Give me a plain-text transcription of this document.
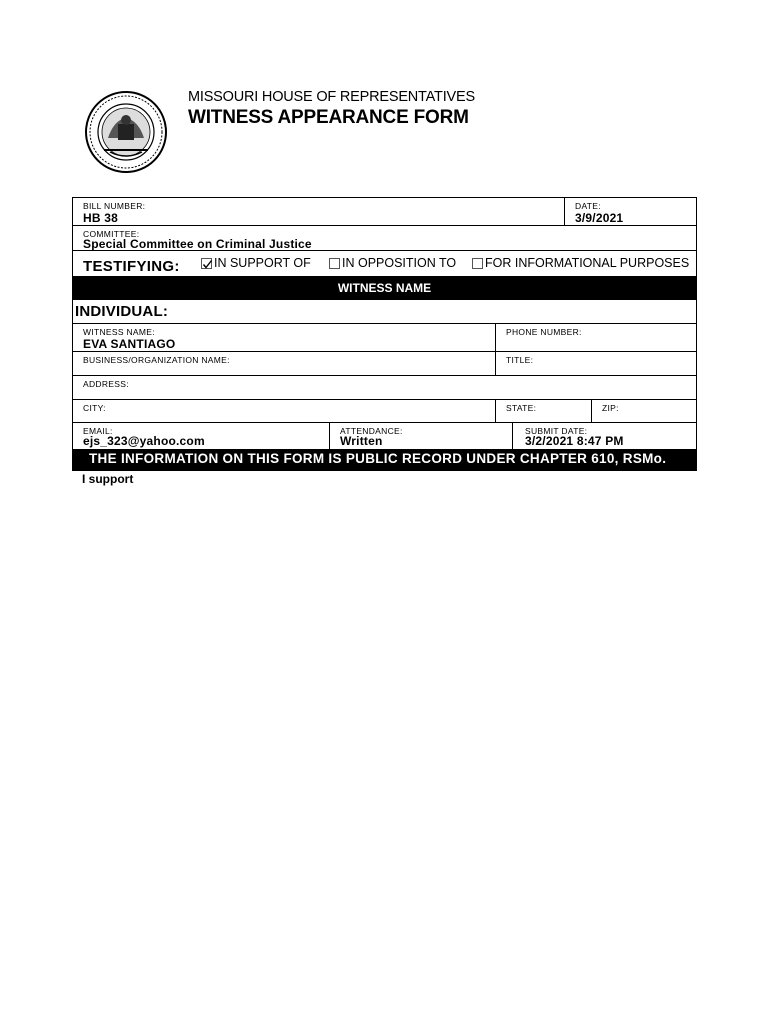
MISSOURI HOUSE OF REPRESENTATIVES
WITNESS APPEARANCE FORM
BILL NUMBER:
HB 38
DATE:
3/9/2021
COMMITTEE:
Special Committee on Criminal Justice
TESTIFYING:	IN SUPPORT OF IN OPPOSITION TO FOR INFORMATIONAL PURPOSES
WITNESS NAME
INDIVIDUAL:
WITNESS NAME:
EVA SANTIAGO
PHONE NUMBER:
BUSINESS/ORGANIZATION NAME:	TITLE:
ADDRESS:
CITY:	STATE:	ZIP:
EMAIL:
ejs_323@yahoo.com
ATTENDANCE:
Written
SUBMIT DATE:
3/2/2021 8:47 PM
THE INFORMATION ON THIS FORM IS PUBLIC RECORD UNDER CHAPTER 610, RSMo.
I support
